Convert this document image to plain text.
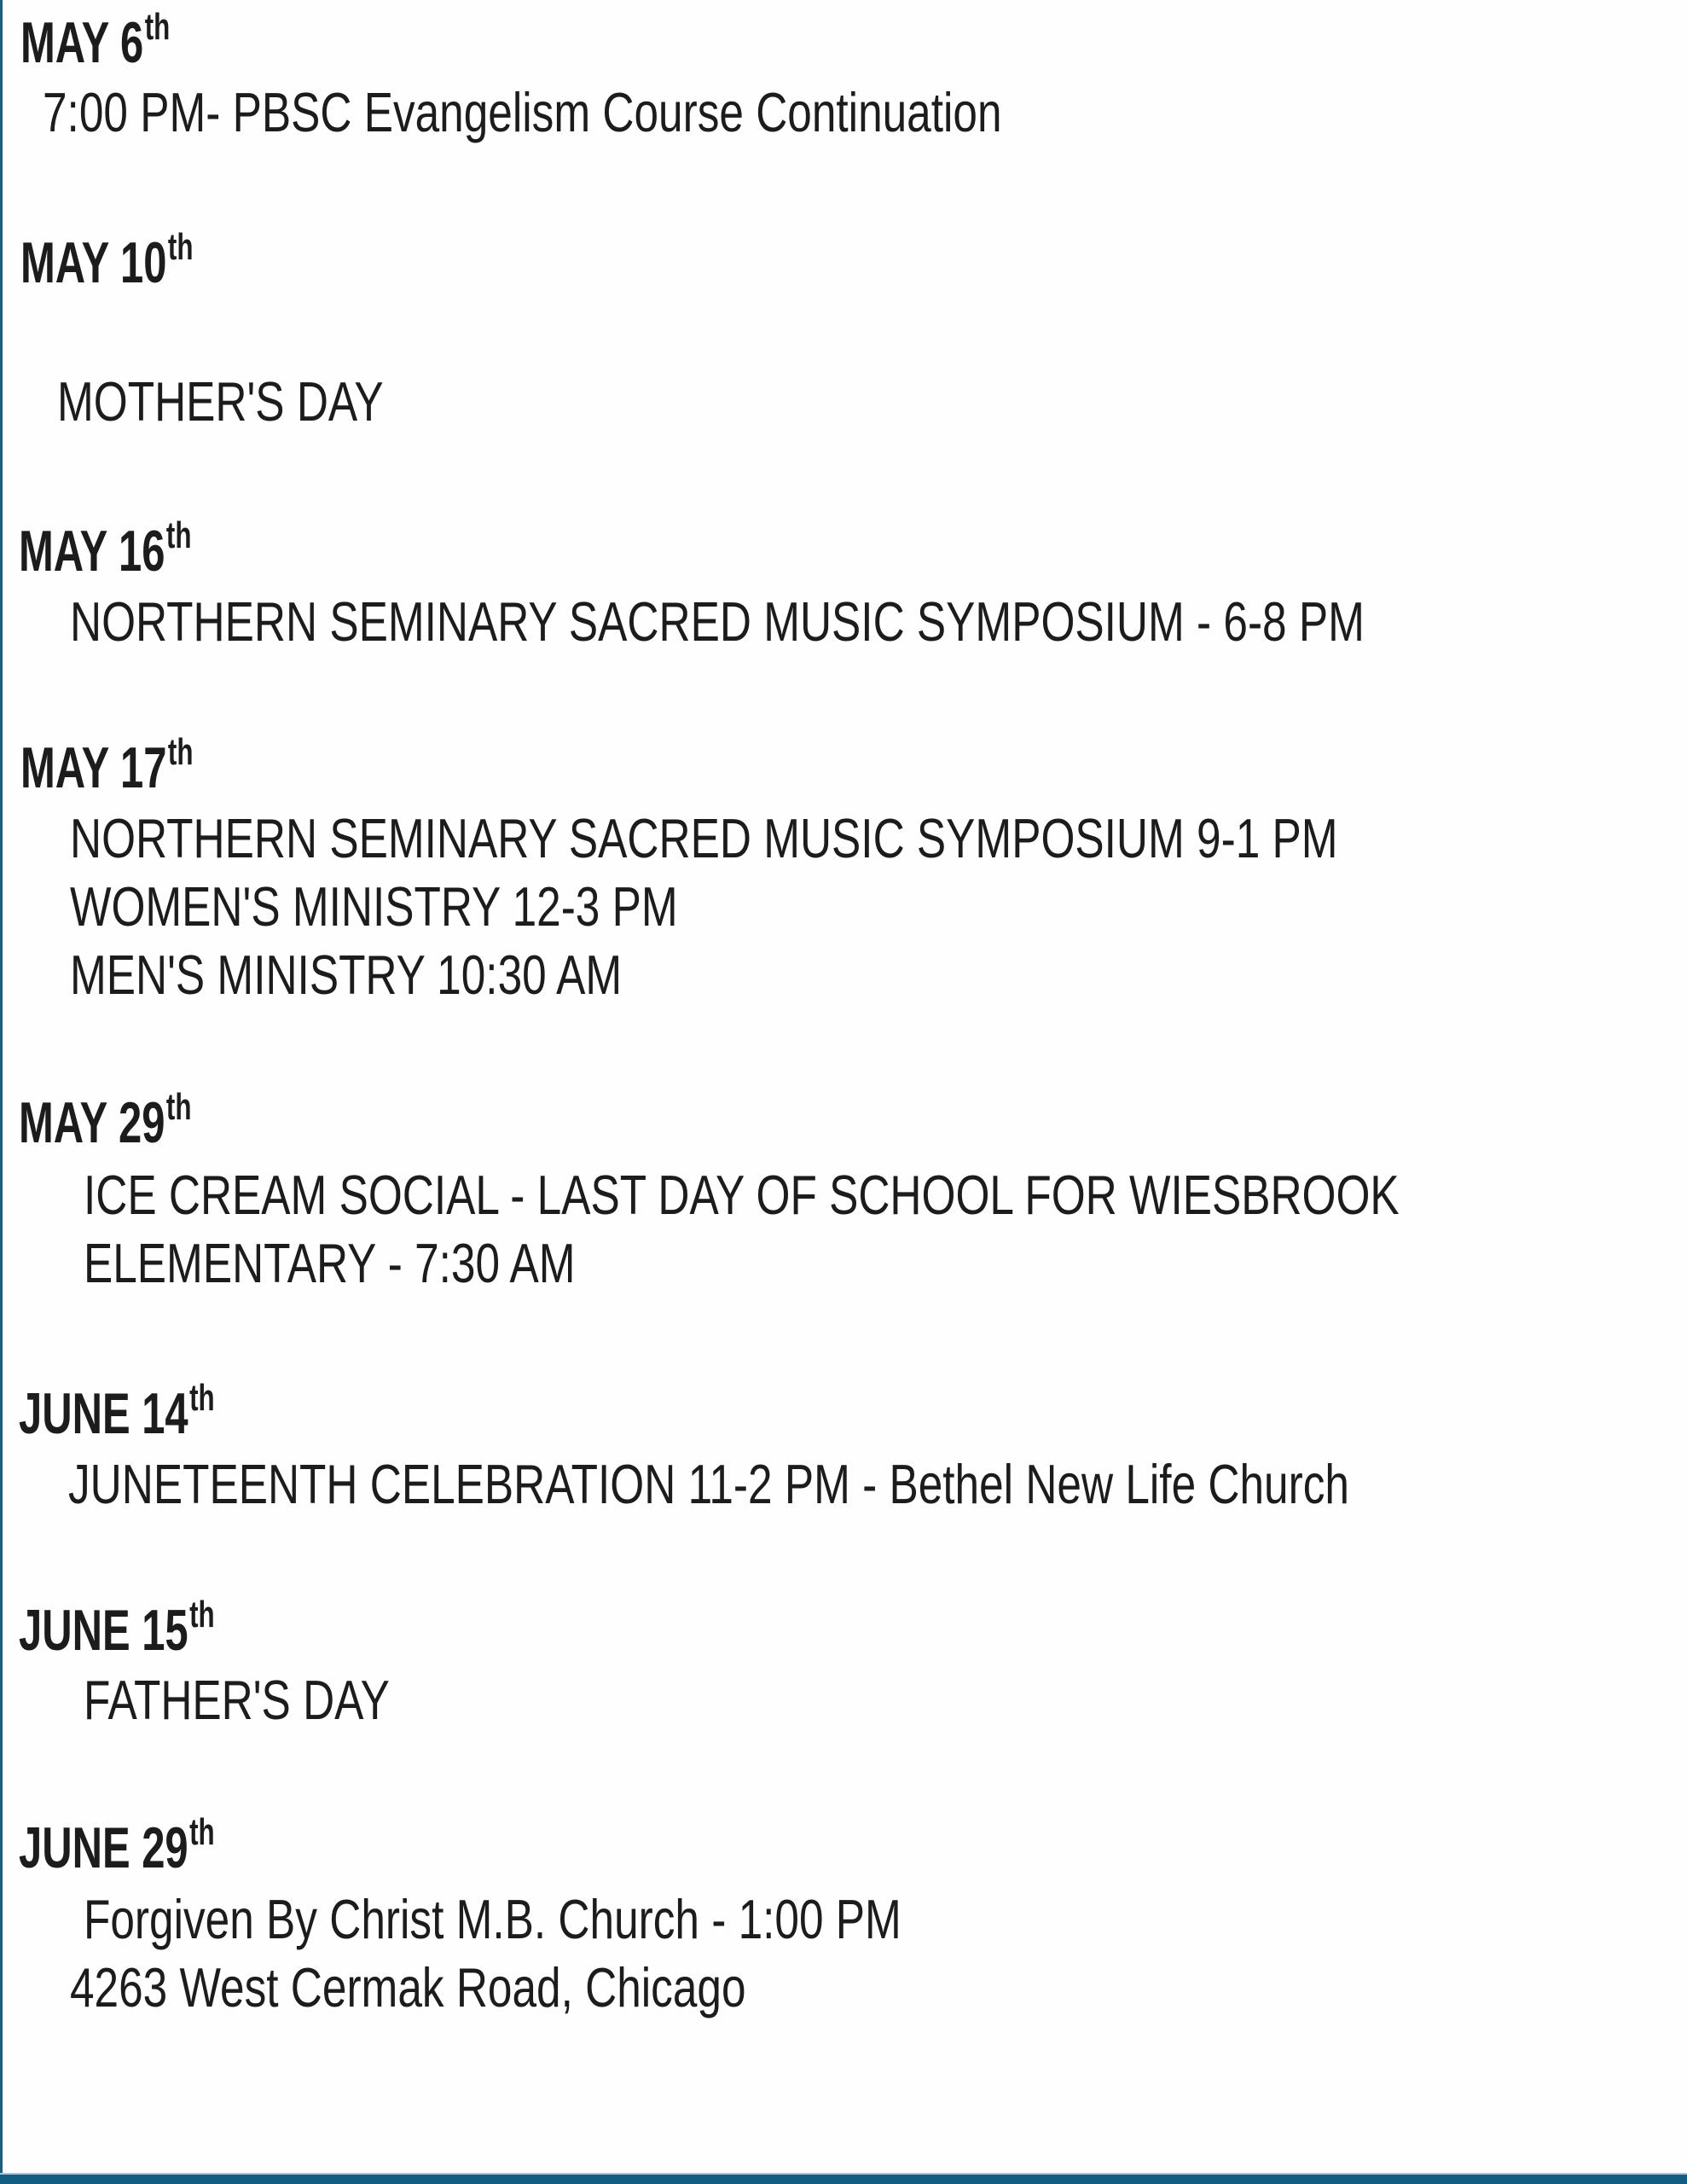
MAY 6th
7:00 PM- PBSC Evangelism Course Continuation
MAY 10th
MOTHER'S DAY
MAY 16th
NORTHERN SEMINARY SACRED MUSIC SYMPOSIUM - 6-8 PM
MAY 17th
NORTHERN SEMINARY SACRED MUSIC SYMPOSIUM 9-1 PM
WOMEN'S MINISTRY 12-3 PM
MEN'S MINISTRY 10:30 AM
MAY 29th
ICE CREAM SOCIAL - LAST DAY OF SCHOOL FOR WIESBROOK
ELEMENTARY - 7:30 AM
JUNE 14th
JUNETEENTH CELEBRATION 11-2 PM - Bethel New Life Church
JUNE 15th
FATHER'S DAY
JUNE 29th
Forgiven By Christ M.B. Church - 1:00 PM
4263 West Cermak Road, Chicago
